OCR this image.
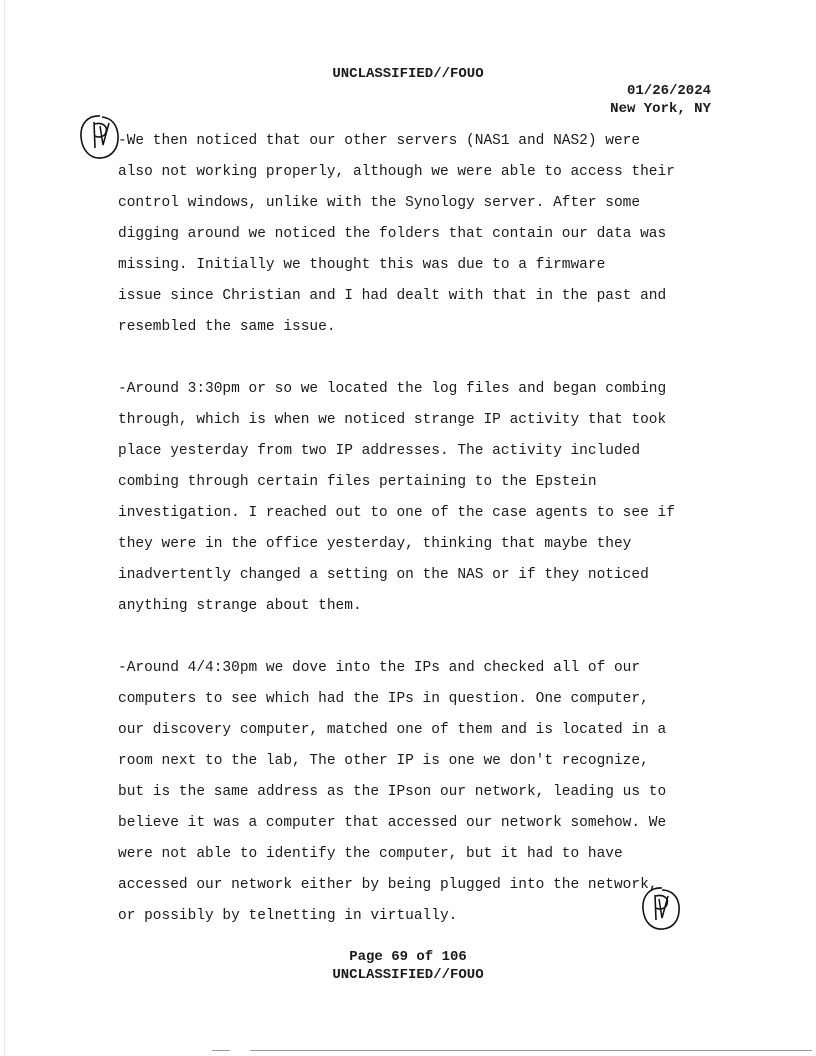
UNCLASSIFIED//FOUO
01/26/2024
New York, NY
-We then noticed that our other servers (NAS1 and NAS2) were
also not working properly, although we were able to access their
control windows, unlike with the Synology server. After some
digging around we noticed the folders that contain our data was
missing. Initially we thought this was due to a firmware
issue since Christian and I had dealt with that in the past and
resembled the same issue.
-Around 3:30pm or so we located the log files and began combing
through, which is when we noticed strange IP activity that took
place yesterday from two IP addresses. The activity included
combing through certain files pertaining to the Epstein
investigation. I reached out to one of the case agents to see if
they were in the office yesterday, thinking that maybe they
inadvertently changed a setting on the NAS or if they noticed
anything strange about them.
-Around 4/4:30pm we dove into the IPs and checked all of our
computers to see which had the IPs in question. One computer,
our discovery computer, matched one of them and is located in a
room next to the lab, The other IP is one we don't recognize,
but is the same address as the IPson our network, leading us to
believe it was a computer that accessed our network somehow. We
were not able to identify the computer, but it had to have
accessed our network either by being plugged into the network,
or possibly by telnetting in virtually.
Page 69 of 106
UNCLASSIFIED//FOUO
